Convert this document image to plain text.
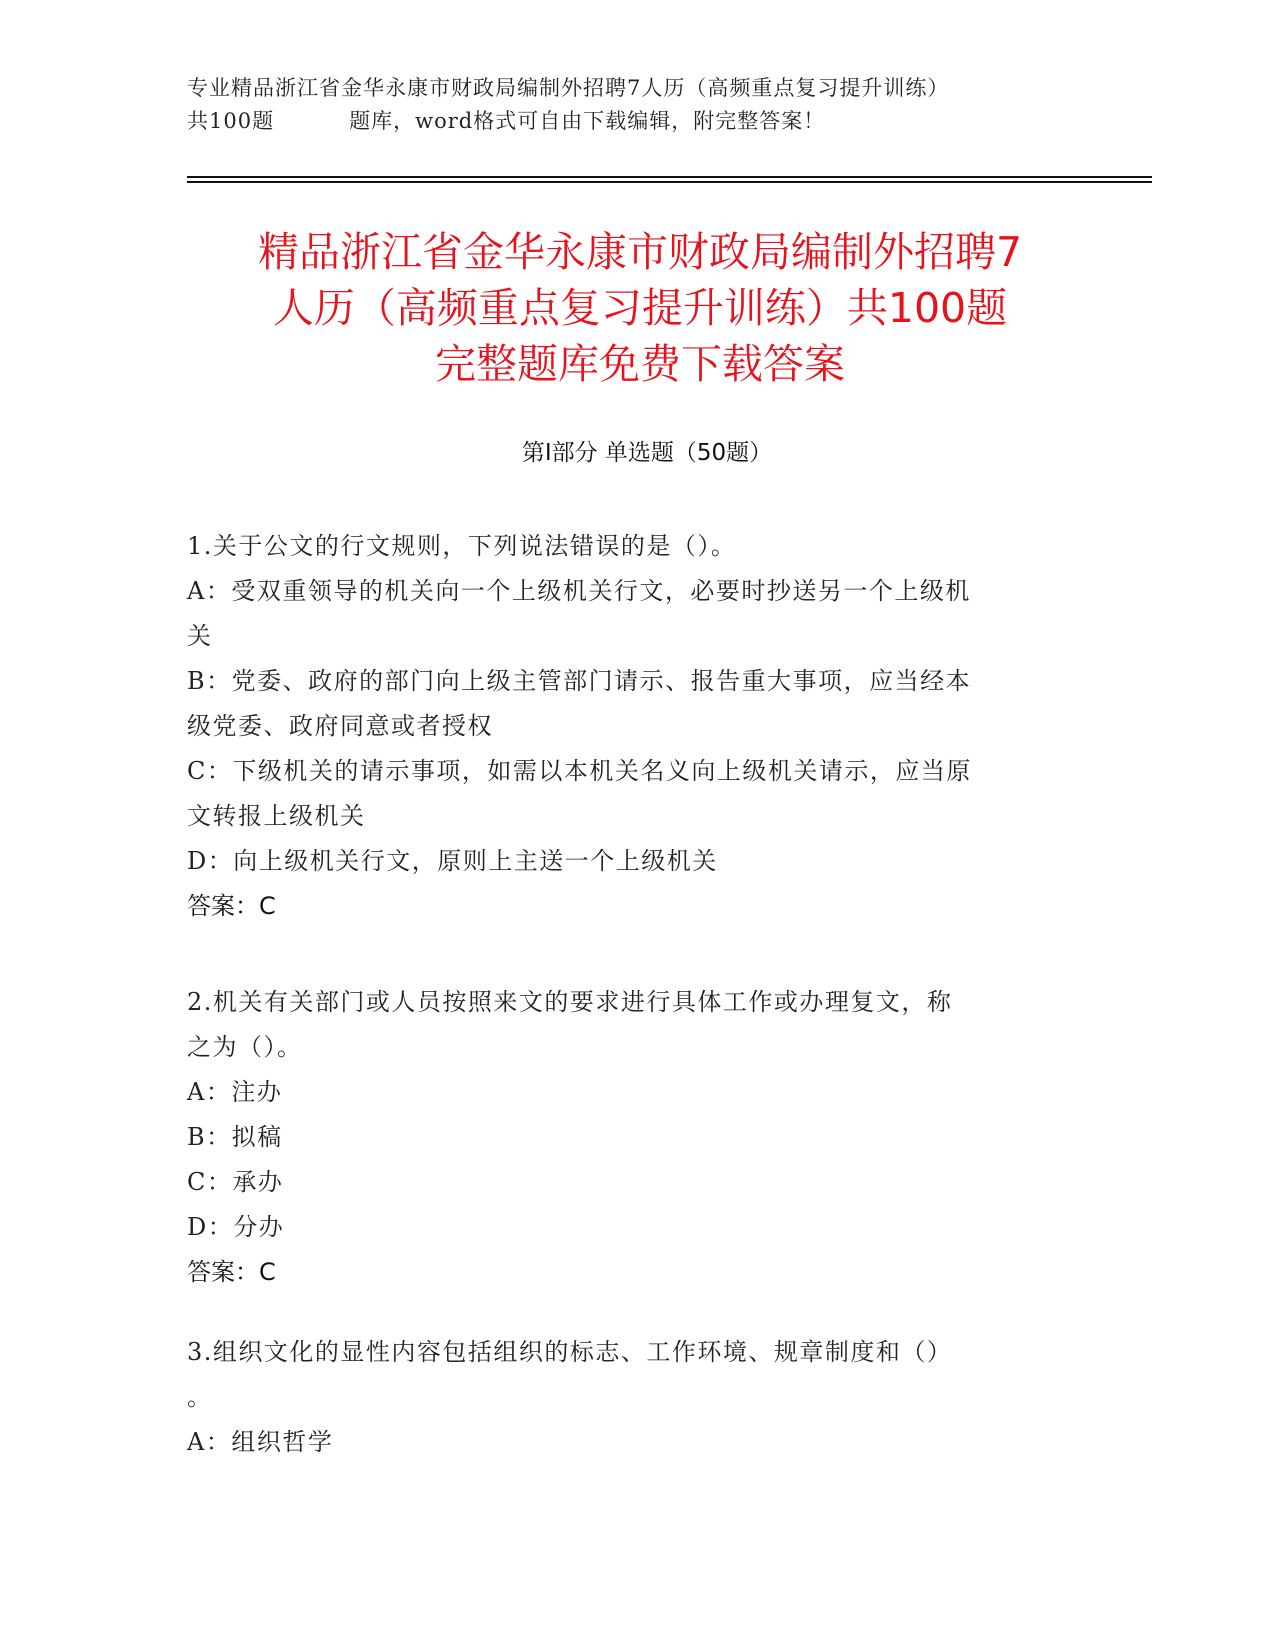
专业精品浙江省金华永康市财政局编制外招聘7人历（高频重点复习提升训练）
共100题	题库，word格式可自由下载编辑，附完整答案！
精品浙江省金华永康市财政局编制外招聘7
人历（高频重点复习提升训练）共100题
完整题库免费下载答案
第I部分 单选题（50题）
1.关于公文的行文规则，下列说法错误的是（）。
A：受双重领导的机关向一个上级机关行文，必要时抄送另一个上级机
关
B：党委、政府的部门向上级主管部门请示、报告重大事项，应当经本
级党委、政府同意或者授权
C：下级机关的请示事项，如需以本机关名义向上级机关请示，应当原
文转报上级机关
D：向上级机关行文，原则上主送一个上级机关
答案：C
2.机关有关部门或人员按照来文的要求进行具体工作或办理复文，称
之为（）。
A：注办
B：拟稿
C：承办
D：分办
答案：C
3.组织文化的显性内容包括组织的标志、工作环境、规章制度和（）
。
A：组织哲学
